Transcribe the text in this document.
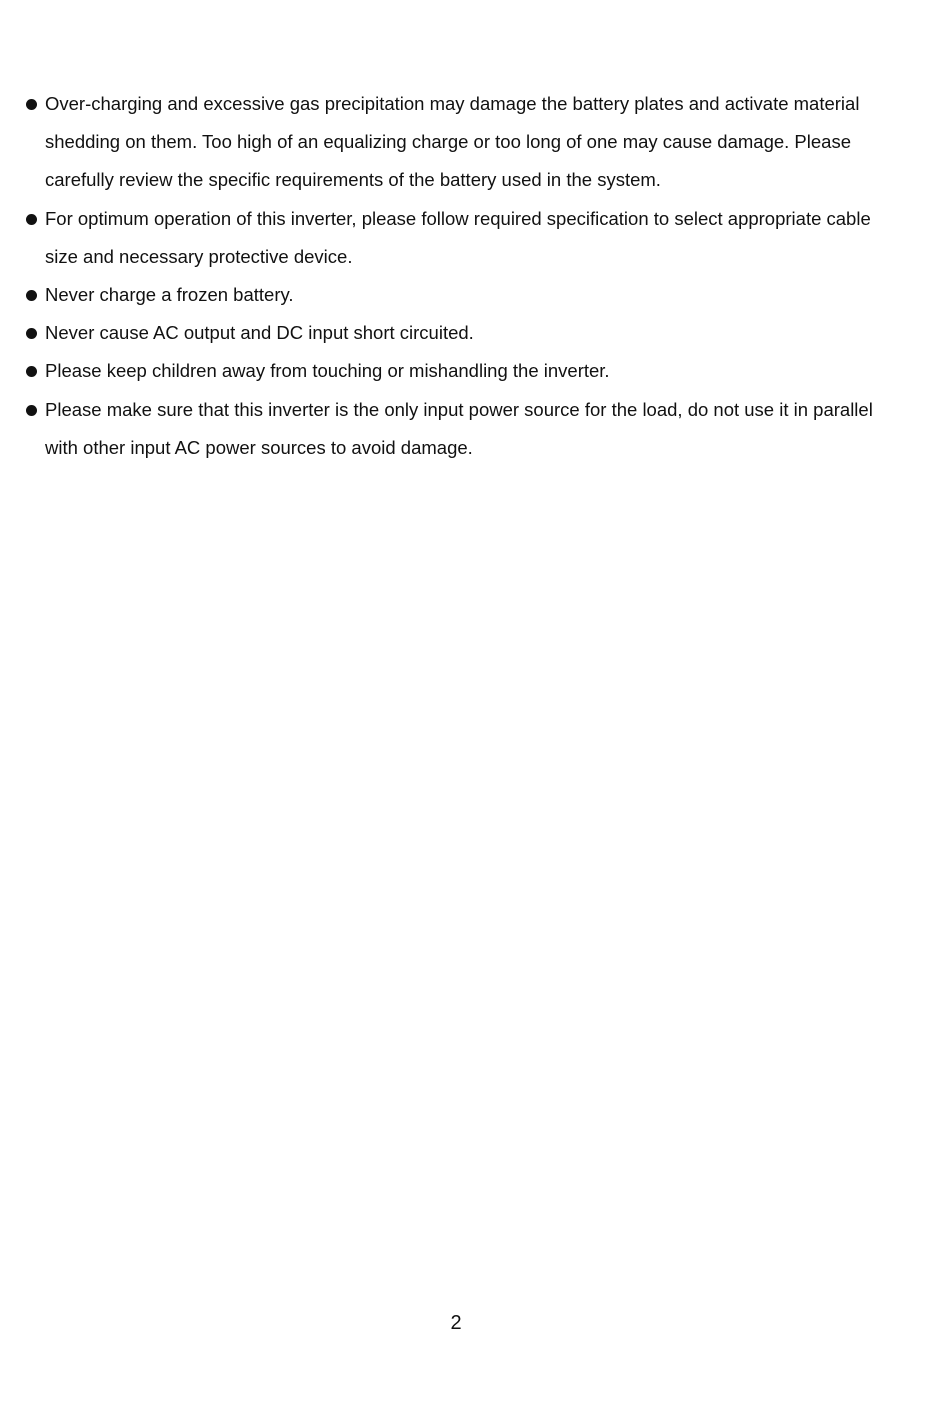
Over-charging and excessive gas precipitation may damage the battery plates and activate material shedding on them. Too high of an equalizing charge or too long of one may cause damage. Please carefully review the specific requirements of the battery used in the system.
For optimum operation of this inverter, please follow required specification to select appropriate cable size and necessary protective device.
Never charge a frozen battery.
Never cause AC output and DC input short circuited.
Please keep children away from touching or mishandling the inverter.
Please make sure that this inverter is the only input power source for the load, do not use it in parallel with other input AC power sources to avoid damage.
2
